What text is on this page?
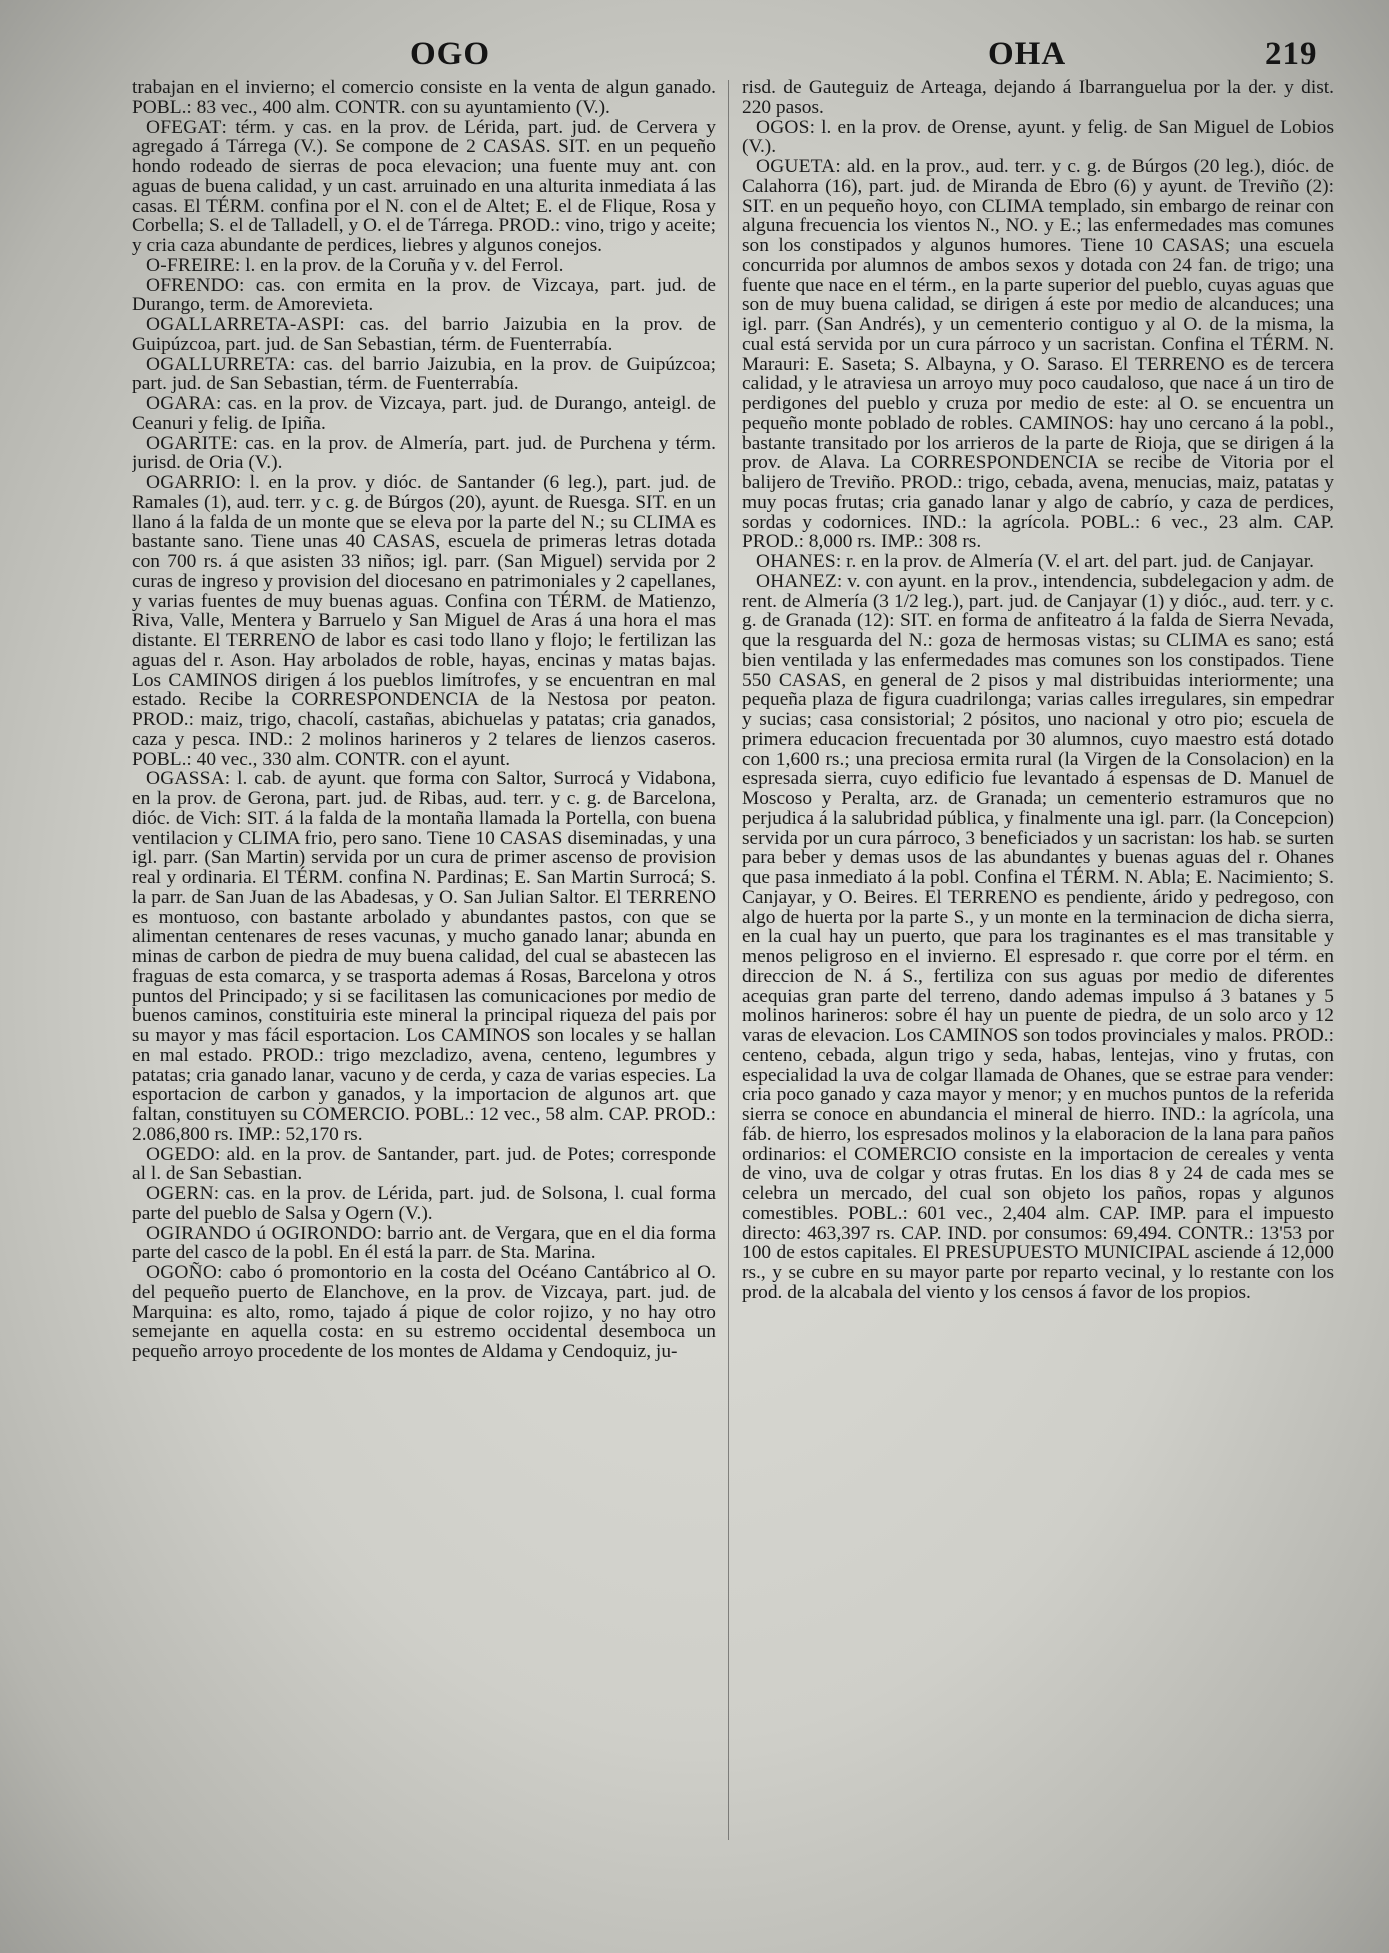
OGO	OHA	219

trabajan en el invierno; el comercio consiste en la venta de algun ganado. POBL.: 83 vec., 400 alm. CONTR. con su ayuntamiento (V.).

OFEGAT: térm. y cas. en la prov. de Lérida, part. jud. de Cervera y agregado á Tárrega (V.). Se compone de 2 CASAS. SIT. en un pequeño hondo rodeado de sierras de poca elevacion; una fuente muy ant. con aguas de buena calidad, y un cast. arruinado en una alturita inmediata á las casas. El TÉRM. confina por el N. con el de Altet; E. el de Flique, Rosa y Corbella; S. el de Talladell, y O. el de Tárrega. PROD.: vino, trigo y aceite; y cria caza abundante de perdices, liebres y algunos conejos.

O-FREIRE: l. en la prov. de la Coruña y v. del Ferrol.

OFRENDO: cas. con ermita en la prov. de Vizcaya, part. jud. de Durango, term. de Amorevieta.

OGALLARRETA-ASPI: cas. del barrio Jaizubia en la prov. de Guipúzcoa, part. jud. de San Sebastian, térm. de Fuenterrabía.

OGALLURRETA: cas. del barrio Jaizubia, en la prov. de Guipúzcoa; part. jud. de San Sebastian, térm. de Fuenterrabía.

OGARA: cas. en la prov. de Vizcaya, part. jud. de Durango, anteigl. de Ceanuri y felig. de Ipiña.

OGARITE: cas. en la prov. de Almería, part. jud. de Purchena y térm. jurisd. de Oria (V.).

OGARRIO: l. en la prov. y dióc. de Santander (6 leg.), part. jud. de Ramales (1), aud. terr. y c. g. de Búrgos (20), ayunt. de Ruesga. SIT. en un llano á la falda de un monte que se eleva por la parte del N.; su CLIMA es bastante sano. Tiene unas 40 CASAS, escuela de primeras letras dotada con 700 rs. á que asisten 33 niños; igl. parr. (San Miguel) servida por 2 curas de ingreso y provision del diocesano en patrimoniales y 2 capellanes, y varias fuentes de muy buenas aguas. Confina con TÉRM. de Matienzo, Riva, Valle, Mentera y Barruelo y San Miguel de Aras á una hora el mas distante. El TERRENO de labor es casi todo llano y flojo; le fertilizan las aguas del r. Ason. Hay arbolados de roble, hayas, encinas y matas bajas. Los CAMINOS dirigen á los pueblos limítrofes, y se encuentran en mal estado. Recibe la CORRESPONDENCIA de la Nestosa por peaton. PROD.: maiz, trigo, chacolí, castañas, abichuelas y patatas; cria ganados, caza y pesca. IND.: 2 molinos harineros y 2 telares de lienzos caseros. POBL.: 40 vec., 330 alm. CONTR. con el ayunt.

OGASSA: l. cab. de ayunt. que forma con Saltor, Surrocá y Vidabona, en la prov. de Gerona, part. jud. de Ribas, aud. terr. y c. g. de Barcelona, dióc. de Vich: SIT. á la falda de la montaña llamada la Portella, con buena ventilacion y CLIMA frio, pero sano. Tiene 10 CASAS diseminadas, y una igl. parr. (San Martin) servida por un cura de primer ascenso de provision real y ordinaria. El TÉRM. confina N. Pardinas; E. San Martin Surrocá; S. la parr. de San Juan de las Abadesas, y O. San Julian Saltor. El TERRENO es montuoso, con bastante arbolado y abundantes pastos, con que se alimentan centenares de reses vacunas, y mucho ganado lanar; abunda en minas de carbon de piedra de muy buena calidad, del cual se abastecen las fraguas de esta comarca, y se trasporta ademas á Rosas, Barcelona y otros puntos del Principado; y si se facilitasen las comunicaciones por medio de buenos caminos, constituiria este mineral la principal riqueza del pais por su mayor y mas fácil esportacion. Los CAMINOS son locales y se hallan en mal estado. PROD.: trigo mezcladizo, avena, centeno, legumbres y patatas; cria ganado lanar, vacuno y de cerda, y caza de varias especies. La esportacion de carbon y ganados, y la importacion de algunos art. que faltan, constituyen su COMERCIO. POBL.: 12 vec., 58 alm. CAP. PROD.: 2.086,800 rs. IMP.: 52,170 rs.

OGEDO: ald. en la prov. de Santander, part. jud. de Potes; corresponde al l. de San Sebastian.

OGERN: cas. en la prov. de Lérida, part. jud. de Solsona, l. cual forma parte del pueblo de Salsa y Ogern (V.).

OGIRANDO ú OGIRONDO: barrio ant. de Vergara, que en el dia forma parte del casco de la pobl. En él está la parr. de Sta. Marina.

OGOÑO: cabo ó promontorio en la costa del Océano Cantábrico al O. del pequeño puerto de Elanchove, en la prov. de Vizcaya, part. jud. de Marquina: es alto, romo, tajado á pique de color rojizo, y no hay otro semejante en aquella costa: en su estremo occidental desemboca un pequeño arroyo procedente de los montes de Aldama y Cendoquiz, ju-

risd. de Gauteguiz de Arteaga, dejando á Ibarranguelua por la der. y dist. 220 pasos.

OGOS: l. en la prov. de Orense, ayunt. y felig. de San Miguel de Lobios (V.).

OGUETA: ald. en la prov., aud. terr. y c. g. de Búrgos (20 leg.), dióc. de Calahorra (16), part. jud. de Miranda de Ebro (6) y ayunt. de Treviño (2): SIT. en un pequeño hoyo, con CLIMA templado, sin embargo de reinar con alguna frecuencia los vientos N., NO. y E.; las enfermedades mas comunes son los constipados y algunos humores. Tiene 10 CASAS; una escuela concurrida por alumnos de ambos sexos y dotada con 24 fan. de trigo; una fuente que nace en el térm., en la parte superior del pueblo, cuyas aguas que son de muy buena calidad, se dirigen á este por medio de alcanduces; una igl. parr. (San Andrés), y un cementerio contiguo y al O. de la misma, la cual está servida por un cura párroco y un sacristan. Confina el TÉRM. N. Marauri: E. Saseta; S. Albayna, y O. Saraso. El TERRENO es de tercera calidad, y le atraviesa un arroyo muy poco caudaloso, que nace á un tiro de perdigones del pueblo y cruza por medio de este: al O. se encuentra un pequeño monte poblado de robles. CAMINOS: hay uno cercano á la pobl., bastante transitado por los arrieros de la parte de Rioja, que se dirigen á la prov. de Alava. La CORRESPONDENCIA se recibe de Vitoria por el balijero de Treviño. PROD.: trigo, cebada, avena, menucias, maiz, patatas y muy pocas frutas; cria ganado lanar y algo de cabrío, y caza de perdices, sordas y codornices. IND.: la agrícola. POBL.: 6 vec., 23 alm. CAP. PROD.: 8,000 rs. IMP.: 308 rs.

OHANES: r. en la prov. de Almería (V. el art. del part. jud. de Canjayar.

OHANEZ: v. con ayunt. en la prov., intendencia, subdelegacion y adm. de rent. de Almería (3 1/2 leg.), part. jud. de Canjayar (1) y dióc., aud. terr. y c. g. de Granada (12): SIT. en forma de anfiteatro á la falda de Sierra Nevada, que la resguarda del N.: goza de hermosas vistas; su CLIMA es sano; está bien ventilada y las enfermedades mas comunes son los constipados. Tiene 550 CASAS, en general de 2 pisos y mal distribuidas interiormente; una pequeña plaza de figura cuadrilonga; varias calles irregulares, sin empedrar y sucias; casa consistorial; 2 pósitos, uno nacional y otro pio; escuela de primera educacion frecuentada por 30 alumnos, cuyo maestro está dotado con 1,600 rs.; una preciosa ermita rural (la Virgen de la Consolacion) en la espresada sierra, cuyo edificio fue levantado á espensas de D. Manuel de Moscoso y Peralta, arz. de Granada; un cementerio estramuros que no perjudica á la salubridad pública, y finalmente una igl. parr. (la Concepcion) servida por un cura párroco, 3 beneficiados y un sacristan: los hab. se surten para beber y demas usos de las abundantes y buenas aguas del r. Ohanes que pasa inmediato á la pobl. Confina el TÉRM. N. Abla; E. Nacimiento; S. Canjayar, y O. Beires. El TERRENO es pendiente, árido y pedregoso, con algo de huerta por la parte S., y un monte en la terminacion de dicha sierra, en la cual hay un puerto, que para los traginantes es el mas transitable y menos peligroso en el invierno. El espresado r. que corre por el térm. en direccion de N. á S., fertiliza con sus aguas por medio de diferentes acequias gran parte del terreno, dando ademas impulso á 3 batanes y 5 molinos harineros: sobre él hay un puente de piedra, de un solo arco y 12 varas de elevacion. Los CAMINOS son todos provinciales y malos. PROD.: centeno, cebada, algun trigo y seda, habas, lentejas, vino y frutas, con especialidad la uva de colgar llamada de Ohanes, que se estrae para vender: cria poco ganado y caza mayor y menor; y en muchos puntos de la referida sierra se conoce en abundancia el mineral de hierro. IND.: la agrícola, una fáb. de hierro, los espresados molinos y la elaboracion de la lana para paños ordinarios: el COMERCIO consiste en la importacion de cereales y venta de vino, uva de colgar y otras frutas. En los dias 8 y 24 de cada mes se celebra un mercado, del cual son objeto los paños, ropas y algunos comestibles. POBL.: 601 vec., 2,404 alm. CAP. IMP. para el impuesto directo: 463,397 rs. CAP. IND. por consumos: 69,494. CONTR.: 13'53 por 100 de estos capitales. El PRESUPUESTO MUNICIPAL asciende á 12,000 rs., y se cubre en su mayor parte por reparto vecinal, y lo restante con los prod. de la alcabala del viento y los censos á favor de los propios.
